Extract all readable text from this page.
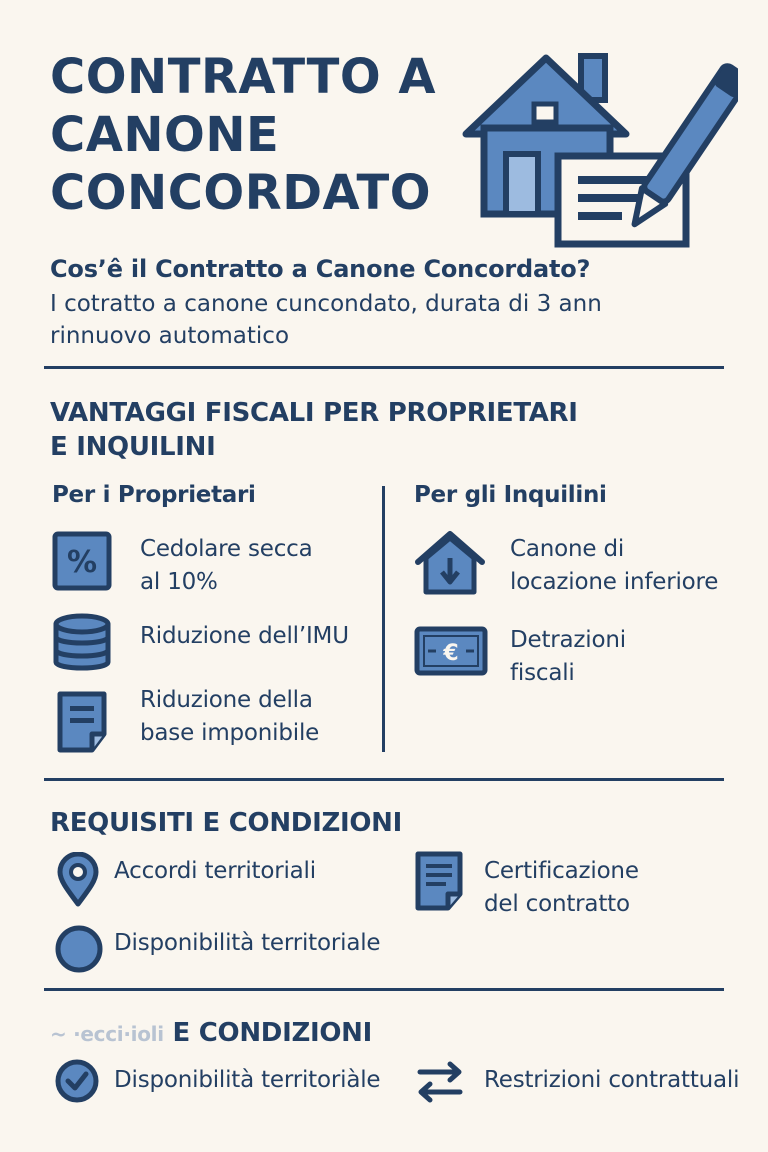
CONTRATTO A
CANONE
CONCORDATO
Cos’ê il Contratto a Canone Concordato?
I cotratto a canone cuncondato, durata di 3 ann
rinnuovo automatico
VANTAGGI FISCALI PER PROPRIETARI
E INQUILINI
Per i Proprietari	Per gli Inquilini
% Cedolare secca
al 10%
Riduzione dell’IMU
Riduzione della
base imponibile
Canone di
locazione inferiore
€
Detrazioni
fiscali
REQUISITI E CONDIZIONI
Accordi territoriali	Certificazione
del contratto
Disponibilità territoriale
~ ·ecci·ioli E CONDIZIONI
Disponibilità territoriàle	Restrizioni contrattuali
